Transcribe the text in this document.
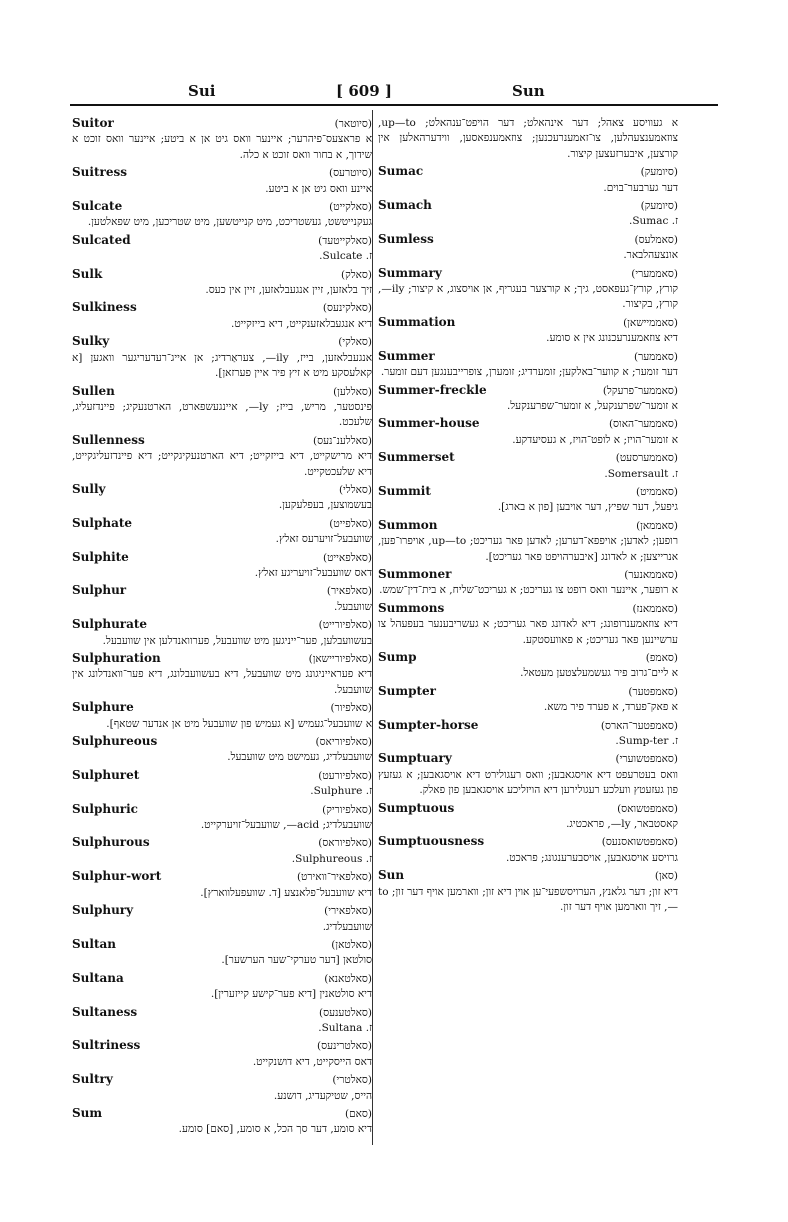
Sui	[ 609 ]	Sun
Suitor	(סיוטאר)
א פראצעס־פיהרער; איינער וואס גיט אן א ביטע; איינער וואס זוכט א שידוך, א בחור וואס זוכט א כלה.
Suitress	(סיוטרעס)
איינע וואס גיט אן א ביטע.
Sulcate	(סאלקייט)
געקנייטשט, געשטריכט, מיט קנייטשען, מיט שטריכען, מיט שפאלטען.
Sulcated	(סאלקייטעד)
ז. Sulcate.
Sulk	(סאלק)
זיך בלאזען, זיין אנגעבלאזען, זיין אין כעס.
Sulkiness	(סאלקינעס)
דיא אנגעבלאזענקייט, דיא בייזקייט.
Sulky	(סאלקי)
אנגעבלאזען, בייז, ily—, צעראַרדיג; אן אייג־רעדעריגער וואגען [א קאלעסקע מיט א זיץ פיר איין פערזאן].
Sullen	(סאללען)
פינסטער, מריש, בייז; ly—, איינגעשפארט, הארטנעקיג; פיינדזעליג, שלעכט.
Sullenness	(סאללענ־נעס)
דיא מרישקייט, דיא בייזקייט; דיא הארטנעקיגקייט; דיא פיינדזעליגקייט, דיא שלעכטקייט.
Sully	(סאללי)
בעשמוצען, בעפלעקען.
Sulphate	(סאלפייט)
שוועבעל־זויערעס זאלץ.
Sulphite	(סאלפאייט)
דאס שוועבעל־זויעריגע זאלץ.
Sulphur	(סאלפאיר)
שוועבעל.
Sulphurate	(סאלפיורייט)
בעשוועבלען, פער־ייניגען מיט שוועבעל, פערוואנדלען אין שוועבעל.
Sulphuration	(סאלפיוריישאן)
דיא פעראייניגונג מיט שוועבעל, דיא בעשוועבלונג, דיא פער־וואנדלונג אין שוועבעל.
Sulphure	(סאלפיור)
א שוועבעל־געמיש [א געמיש פון שוועבעל מיט אן אנדער שטאף].
Sulphureous	(סאלפיוריאס)
שוועבעלדיג, געמישט מיט שוועבעל.
Sulphuret	(סאלפיורעט)
ז. Sulphure.
Sulphuric	(סאלפיוריק)
שוועבעלדיג; acid—, שוועבעל־זויערקייט.
Sulphurous	(סאלפיוראס)
ז. Sulphureous.
Sulphur-wort	(סאלפאיר־וואירט)
דיא שוועבעל־פלאנצע [ד. שוועפעלווארץ].
Sulphury	(סאלפאירי)
שוועבעלדיג.
Sultan	(סאלטאן)
סולטאן [דער טערקי־שער הערשער].
Sultana	(סאלטאנא)
דיא סולטאנין [דיא פער־קישע קייזערין].
Sultaness	(סאלטענעס)
ז. Sultana.
Sultriness	(סאלטרינעס)
דאס הייסקייט, דיא דושנקייט.
Sultry	(סאלטרי)
הייס, שטיקעדיג, דושנע.
Sum	(סאם)
דיא סומע, דער סך הכל, א סומע, [סאם] סומע.
א געוויסע צאהל; דער אינהאלט; דער הויפט־ענהאלט; up—to, צוזאמענצעהלען, צו־זאמענרעכנען; צוזאמענפאסען, ווידערהאלען אין קורצען, איבערזעצען קיצור.
Sumac	(סיומעק)
דער גערבער־בוים.
Sumach	(סיומעק)
ז. Sumac.
Sumless	(סאמלעס)
אונצעהלבאר.
Summary	(סאממערי)
קורץ, קורץ־געפאסט, גיך; א קורצער בעגריף, אן אויסצוג, א קיצור; ily—, קורץ, בקיצור.
Summation	(סאממיישאן)
דיא צוזאמענרעכנונג אין א סומע.
Summer	(סאממער)
דער זומער; א קווער־באלקען; זומערדיג; זומערן, צופרייבענגען דעם זומער.
Summer-freckle	(סאממער־פרעקל)
א זומער־שפרענקעל, א זומער־שפרענקעל.
Summer-house	(סאממער־האוס)
א זומער־הויז; א לופט־הויז, א געסיעדקע.
Summerset	(סאממערסעט)
ז. Somersault.
Summit	(סאממיט)
גיפעל, דער שפיץ, דער אויבען [פון א בארג].
Summon	(סאממאן)
רופען; לאדען; אויפפא־דערען; לאדען פאר געריכט; up—to, אויפרו־פען, אנרייצען; א לאדונג [איבערהויפט פאר געריכט].
Summoner	(סאממאנער)
א רופער, איינער וואס רופט צו געריכט; א געריכט־שליח, א בית־דין־שמש.
Summons	(סאממאנז)
דיא צוזאמענרופונג; דיא לאדונג פאר געריכט; א געשריבענער בעפעהל צו ערשיינען פאר געריכט; א פאוועסטקע.
Sump	(סאמפ)
א ליים־גרוב פיר געשמעלצטען מעטאל.
Sumpter	(סאמפטער)
א פאק־פערד, א פערד פיר משא.
Sumpter-horse	(סאמפטער־הארס)
ז. Sump-ter.
Sumptuary	(סאמפטשוערי)
וואס בעטרעפט דיא אויסגאבען; וואס רעגולירט דיא אויסגאבען; א געזעץ פון געזעטץ וועלכע רעגולירען דיא הויזליכע אויסגאבען פון פאלק.
Sumptuous	(סאמפטשואס)
קאסטבאר, ly—, פראכטיג.
Sumptuousness	(סאמפטשואסנעס)
גרויסע אויסגאבען, אויסבערענגונג; פראכט.
Sun	(סאן)
דיא זון; דער גלאנץ, הערויסשפעי־ען אוין דיא זון; ווארמען אויף דער זון; to—, זיך ווארמען אויף דער זון.
